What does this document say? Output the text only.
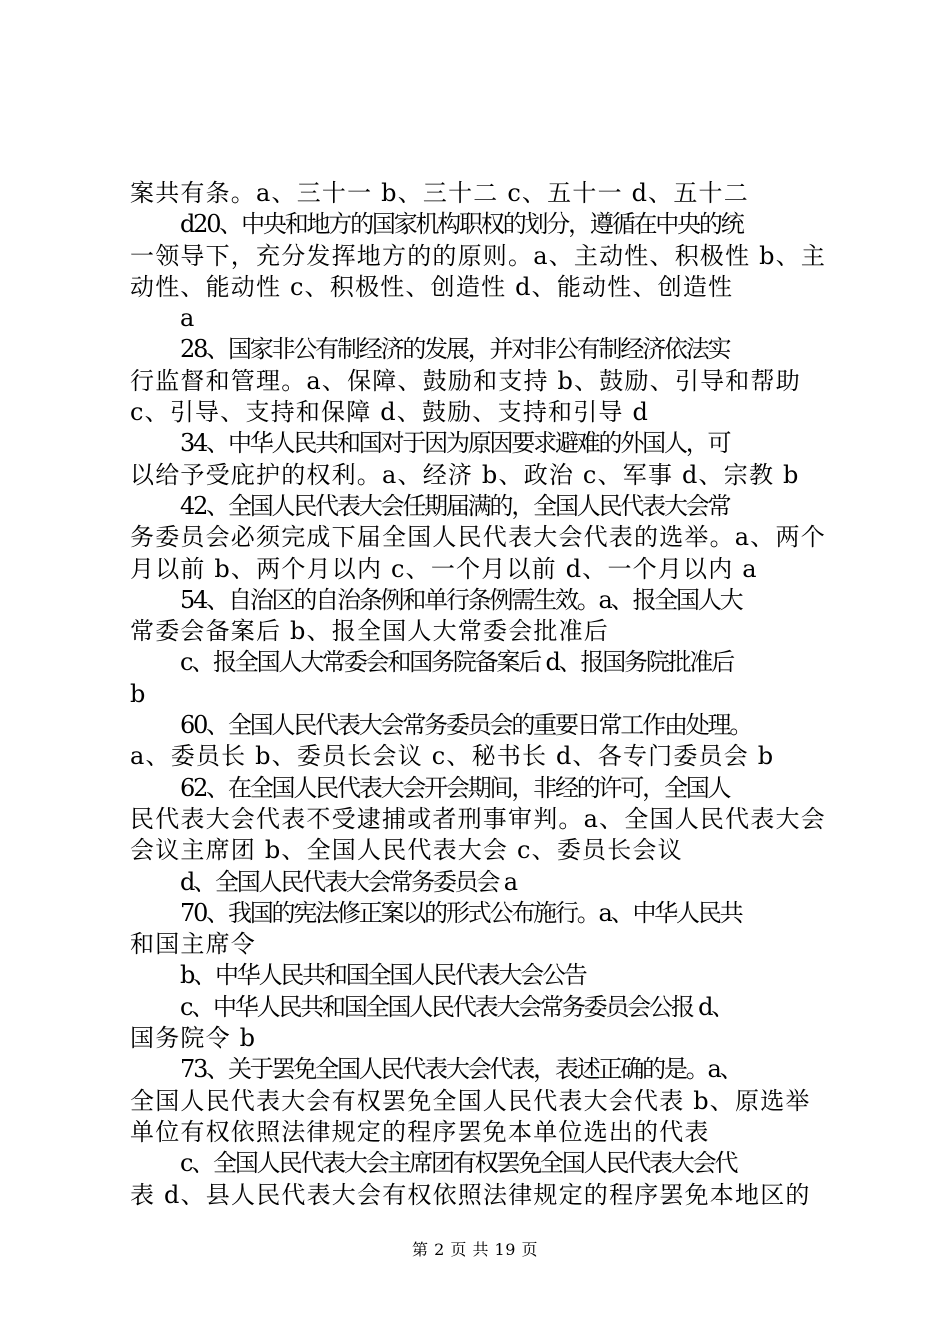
案共有条。a、三十一 b、三十二 c、五十一 d、五十二
d20、中央和地方的国家机构职权的划分，遵循在中央的统
一领导下，充分发挥地方的的原则。a、主动性、积极性 b、主
动性、能动性 c、积极性、创造性 d、能动性、创造性
a
28、国家非公有制经济的发展，并对非公有制经济依法实
行监督和管理。a、保障、鼓励和支持 b、鼓励、引导和帮助
c、引导、支持和保障 d、鼓励、支持和引导 d
34、中华人民共和国对于因为原因要求避难的外国人，可
以给予受庇护的权利。a、经济 b、政治 c、军事 d、宗教 b
42、全国人民代表大会任期届满的，全国人民代表大会常
务委员会必须完成下届全国人民代表大会代表的选举。a、两个
月以前 b、两个月以内 c、一个月以前 d、一个月以内 a
54、自治区的自治条例和单行条例需生效。a、报全国人大
常委会备案后 b、报全国人大常委会批准后
c、报全国人大常委会和国务院备案后 d、报国务院批准后
b
60、全国人民代表大会常务委员会的重要日常工作由处理。
a、委员长 b、委员长会议 c、秘书长 d、各专门委员会 b
62、在全国人民代表大会开会期间，非经的许可，全国人
民代表大会代表不受逮捕或者刑事审判。a、全国人民代表大会
会议主席团 b、全国人民代表大会 c、委员长会议
d、全国人民代表大会常务委员会 a
70、我国的宪法修正案以的形式公布施行。a、中华人民共
和国主席令
b、中华人民共和国全国人民代表大会公告
c、中华人民共和国全国人民代表大会常务委员会公报 d、
国务院令 b
73、关于罢免全国人民代表大会代表，表述正确的是。a、
全国人民代表大会有权罢免全国人民代表大会代表 b、原选举
单位有权依照法律规定的程序罢免本单位选出的代表
c、全国人民代表大会主席团有权罢免全国人民代表大会代
表 d、县人民代表大会有权依照法律规定的程序罢免本地区的
第 2 页 共 19 页
